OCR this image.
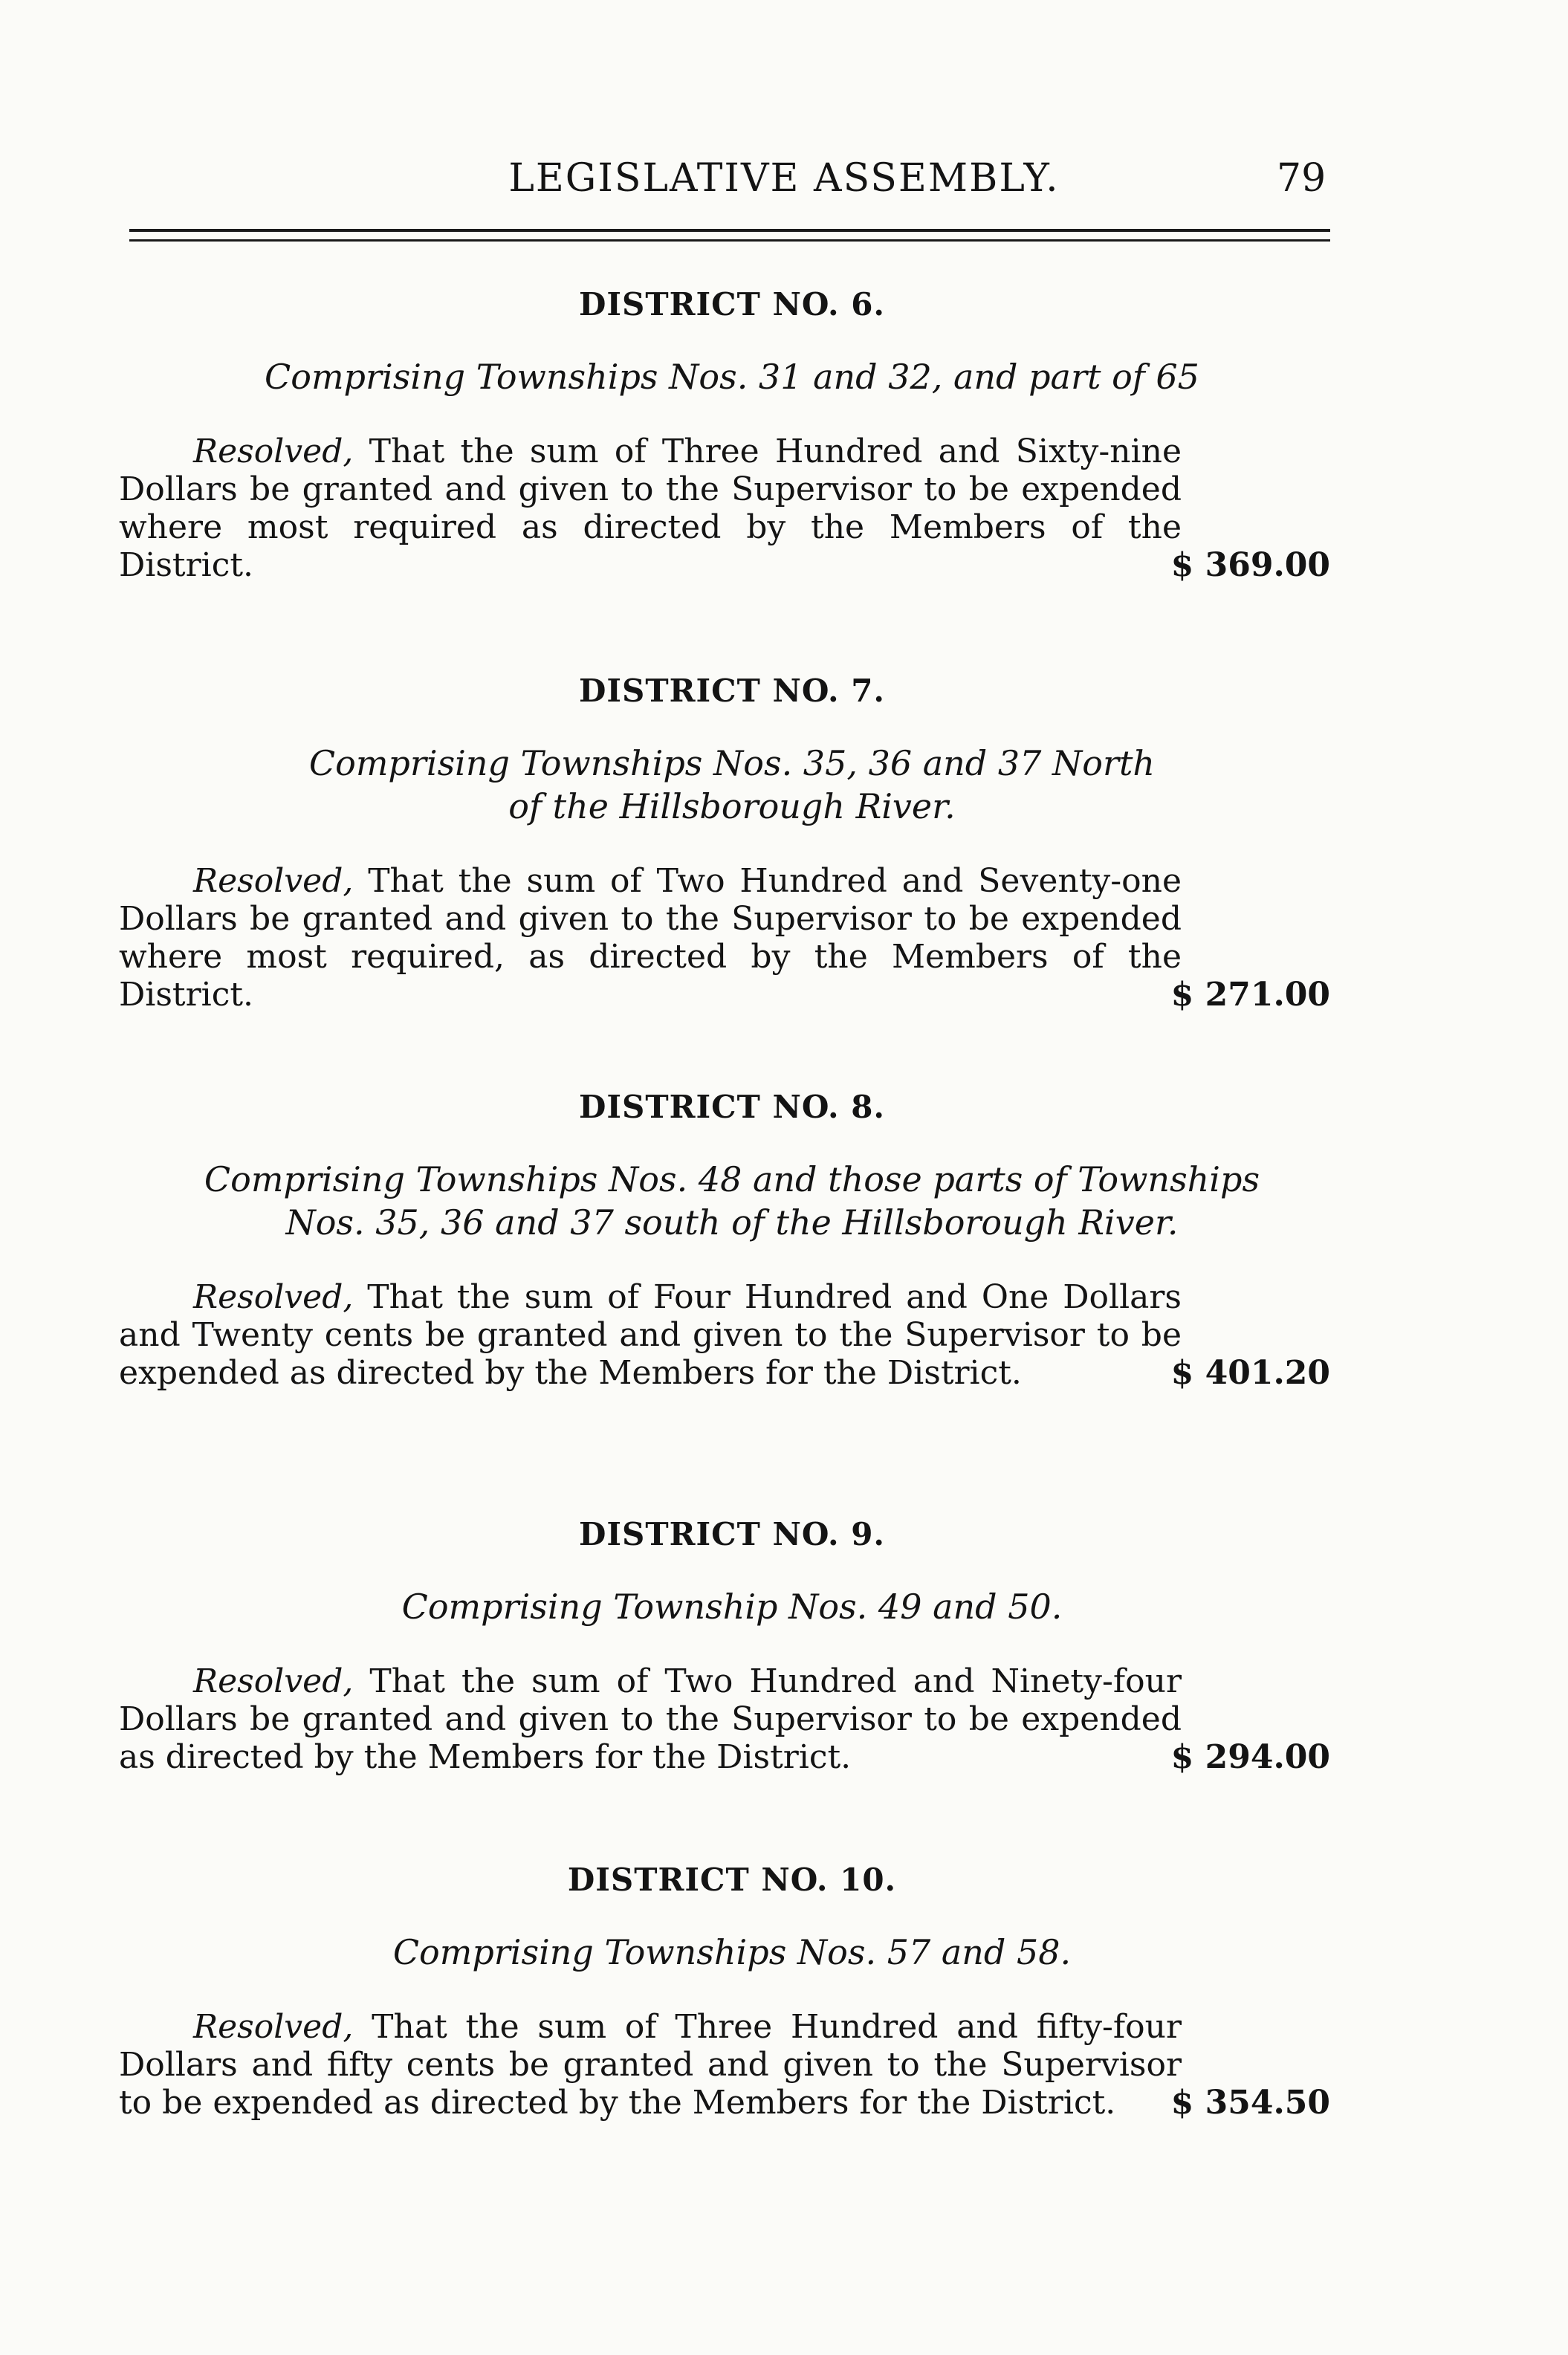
LEGISLATIVE ASSEMBLY.	79
DISTRICT NO. 6.
Comprising Townships Nos. 31 and 32, and part of 65

Resolved, That the sum of Three Hundred and Sixty-nine Dollars be granted and given to the Supervisor to be expended where most required as directed by the Members of the District.	$ 369.00

DISTRICT NO. 7.
Comprising Townships Nos. 35, 36 and 37 North
of the Hillsborough River.

Resolved, That the sum of Two Hundred and Seventy-one Dollars be granted and given to the Supervisor to be expended where most required, as directed by the Members of the District.	$ 271.00

DISTRICT NO. 8.
Comprising Townships Nos. 48 and those parts of Townships
Nos. 35, 36 and 37 south of the Hillsborough River.

Resolved, That the sum of Four Hundred and One Dollars and Twenty cents be granted and given to the Supervisor to be expended as directed by the Members for the District.	$ 401.20

DISTRICT NO. 9.
Comprising Township Nos. 49 and 50.

Resolved, That the sum of Two Hundred and Ninety-four Dollars be granted and given to the Supervisor to be expended as directed by the Members for the District.	$ 294.00

DISTRICT NO. 10.
Comprising Townships Nos. 57 and 58.

Resolved, That the sum of Three Hundred and fifty-four Dollars and fifty cents be granted and given to the Supervisor to be expended as directed by the Members for the District.	$ 354.50
